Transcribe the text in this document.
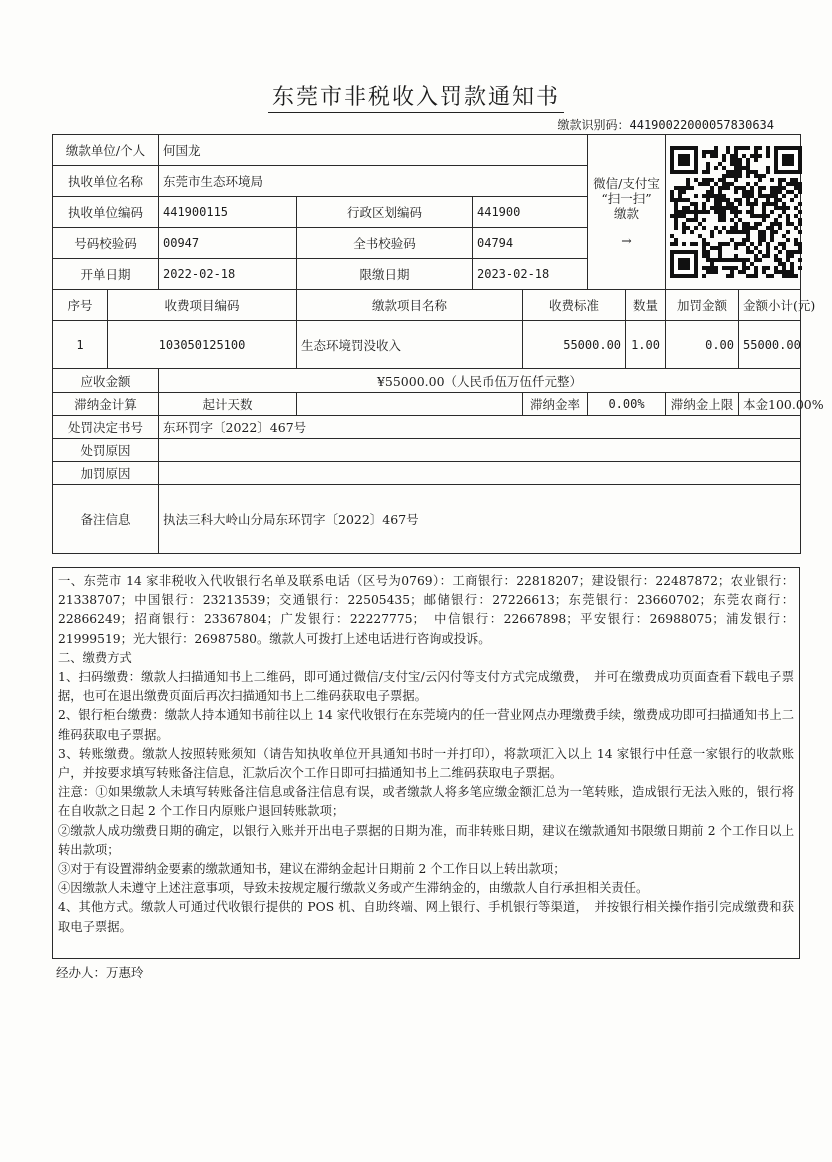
东莞市非税收入罚款通知书
缴款识别码：44190022000057830634
缴款单位/个人		何国龙				微信/支付宝
“扫一扫”
缴款
→

执收单位名称		东莞市生态环境局							
执收单位编码		441900115	行政区划编码	441900					
号码校验码		00947	全书校验码	04794					
开单日期		2022-02-18	限缴日期	2023-02-18					
序号	收费项目编码		缴款项目名称		收费标准		数量	加罚金额	金额小计(元)
1	103050125100		生态环境罚没收入		55000.00		1.00	0.00	55000.00
应收金额		¥55000.00（人民币伍万伍仟元整）							
滞纳金计算		起计天数			滞纳金率	0.00%		滞纳金上限	本金100.00%
处罚决定书号		东环罚字〔2022〕467号							
处罚原因									
加罚原因									
备注信息		执法三科大岭山分局东环罚字〔2022〕467号							

一、东莞市 14 家非税收入代收银行名单及联系电话（区号为0769）：工商银行：22818207；建设银行：22487872；农业银行：21338707；中国银行：23213539；交通银行：22505435；邮储银行：27226613；东莞银行：23660702；东莞农商行：22866249；招商银行：23367804；广发银行：22227775；　中信银行：22667898；平安银行：26988075；浦发银行：21999519；光大银行：26987580。缴款人可拨打上述电话进行咨询或投诉。

二、缴费方式

1、扫码缴费：缴款人扫描通知书上二维码，即可通过微信/支付宝/云闪付等支付方式完成缴费，　并可在缴费成功页面查看下载电子票据，也可在退出缴费页面后再次扫描通知书上二维码获取电子票据。

2、银行柜台缴费：缴款人持本通知书前往以上 14 家代收银行在东莞境内的任一营业网点办理缴费手续，缴费成功即可扫描通知书上二维码获取电子票据。

3、转账缴费。缴款人按照转账须知（请告知执收单位开具通知书时一并打印），将款项汇入以上 14 家银行中任意一家银行的收款账户，并按要求填写转账备注信息，汇款后次个工作日即可扫描通知书上二维码获取电子票据。

注意：①如果缴款人未填写转账备注信息或备注信息有误，或者缴款人将多笔应缴金额汇总为一笔转账，造成银行无法入账的，银行将在自收款之日起 2 个工作日内原账户退回转账款项；

②缴款人成功缴费日期的确定，以银行入账并开出电子票据的日期为准，而非转账日期，建议在缴款通知书限缴日期前 2 个工作日以上转出款项；

③对于有设置滞纳金要素的缴款通知书，建议在滞纳金起计日期前 2 个工作日以上转出款项；

④因缴款人未遵守上述注意事项，导致未按规定履行缴款义务或产生滞纳金的，由缴款人自行承担相关责任。

4、其他方式。缴款人可通过代收银行提供的 POS 机、自助终端、网上银行、手机银行等渠道，　并按银行相关操作指引完成缴费和获取电子票据。

经办人：万惠玲
